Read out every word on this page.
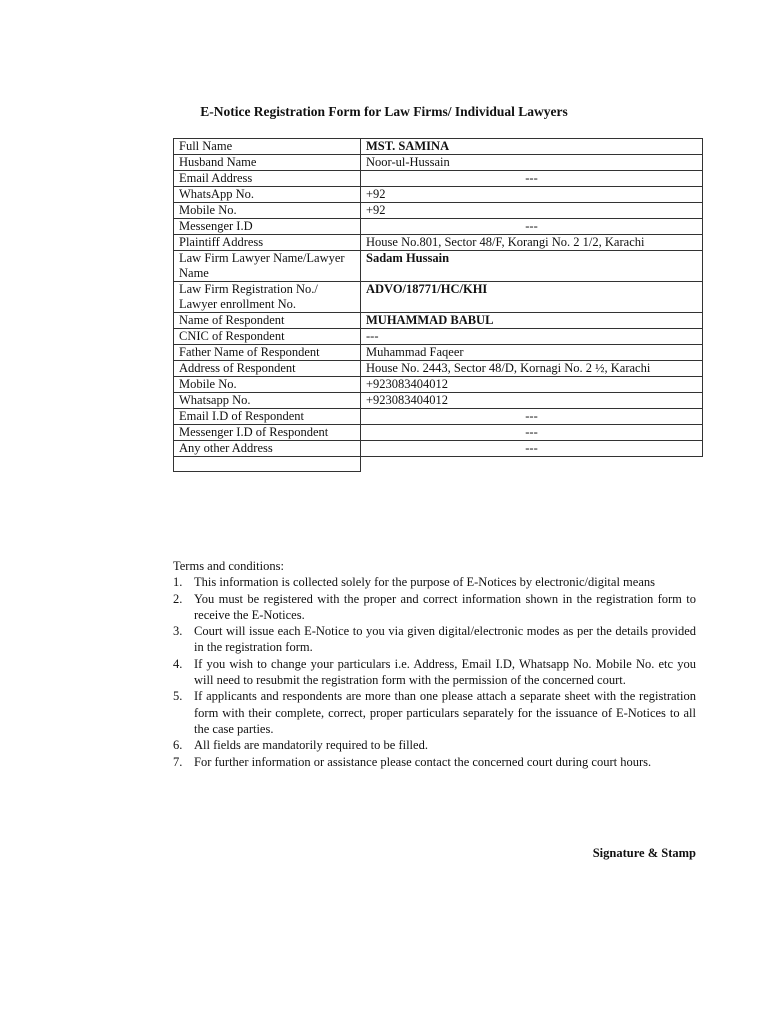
E-Notice Registration Form for Law Firms/ Individual Lawyers
Full Name	MST. SAMINA
Husband Name	Noor-ul-Hussain
Email Address	---
WhatsApp No.	+92
Mobile No.	+92
Messenger I.D	---
Plaintiff Address	House No.801, Sector 48/F, Korangi No. 2 1/2, Karachi
Law Firm Lawyer Name/Lawyer Name	Sadam Hussain
Law Firm Registration No./ Lawyer enrollment No.	ADVO/18771/HC/KHI
Name of Respondent	MUHAMMAD BABUL
CNIC of Respondent	---
Father Name of Respondent	Muhammad Faqeer
Address of Respondent	House No. 2443, Sector 48/D, Kornagi No. 2 ½, Karachi
Mobile No.	+923083404012
Whatsapp No.	+923083404012
Email I.D of Respondent	---
Messenger I.D of Respondent	---
Any other Address	---

Terms and conditions:
1. This information is collected solely for the purpose of E-Notices by electronic/digital means
2. You must be registered with the proper and correct information shown in the registration form to receive the E-Notices.
3. Court will issue each E-Notice to you via given digital/electronic modes as per the details provided in the registration form.
4. If you wish to change your particulars i.e. Address, Email I.D, Whatsapp No. Mobile No. etc you will need to resubmit the registration form with the permission of the concerned court.
5. If applicants and respondents are more than one please attach a separate sheet with the registration form with their complete, correct, proper particulars separately for the issuance of E-Notices to all the case parties.
6. All fields are mandatorily required to be filled.
7. For further information or assistance please contact the concerned court during court hours.
Signature & Stamp
